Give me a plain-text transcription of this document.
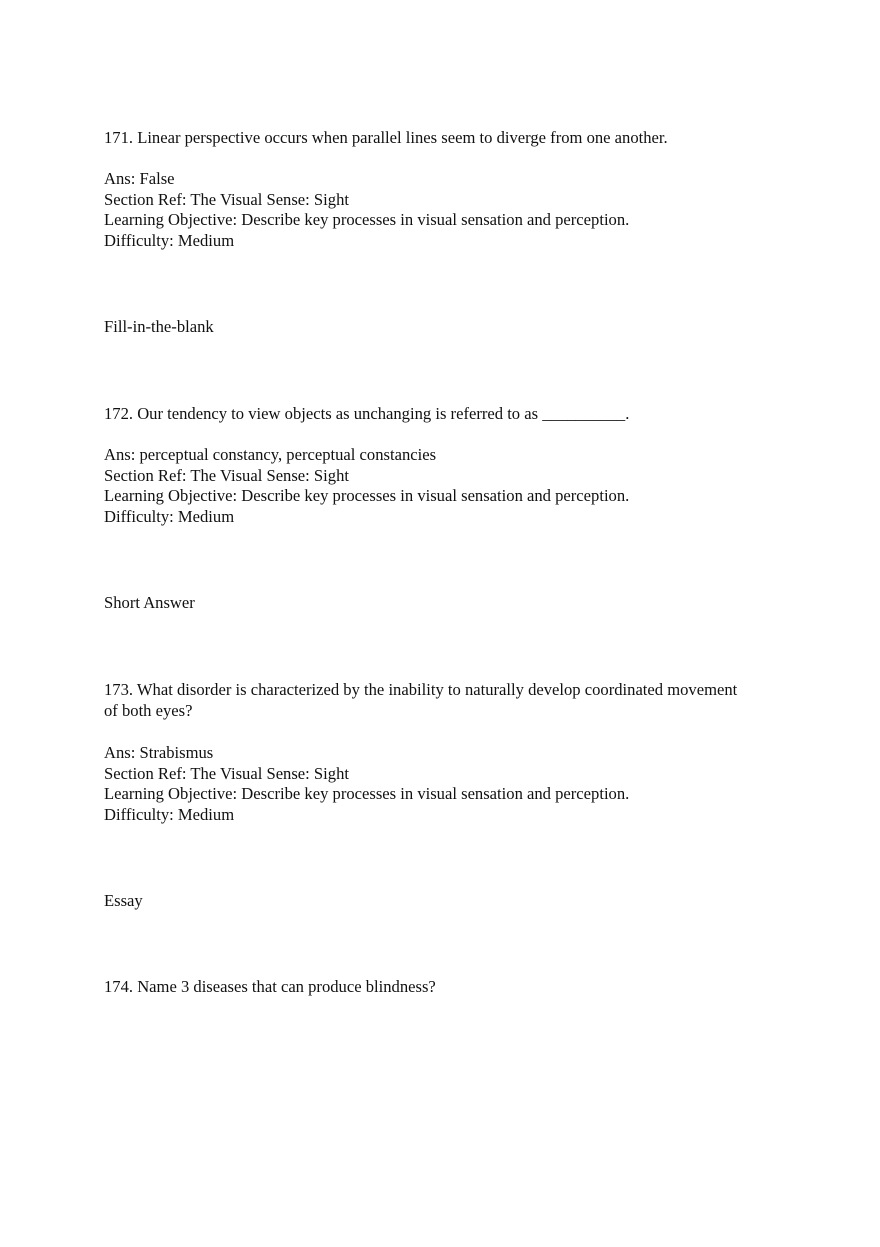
171. Linear perspective occurs when parallel lines seem to diverge from one another.

Ans: False

Section Ref: The Visual Sense: Sight

Learning Objective: Describe key processes in visual sensation and perception.

Difficulty: Medium

Fill-in-the-blank

172. Our tendency to view objects as unchanging is referred to as __________.

Ans: perceptual constancy, perceptual constancies

Section Ref: The Visual Sense: Sight

Learning Objective: Describe key processes in visual sensation and perception.

Difficulty: Medium

Short Answer

173. What disorder is characterized by the inability to naturally develop coordinated movement

of both eyes?

Ans: Strabismus

Section Ref: The Visual Sense: Sight

Learning Objective: Describe key processes in visual sensation and perception.

Difficulty: Medium

Essay

174. Name 3 diseases that can produce blindness?
